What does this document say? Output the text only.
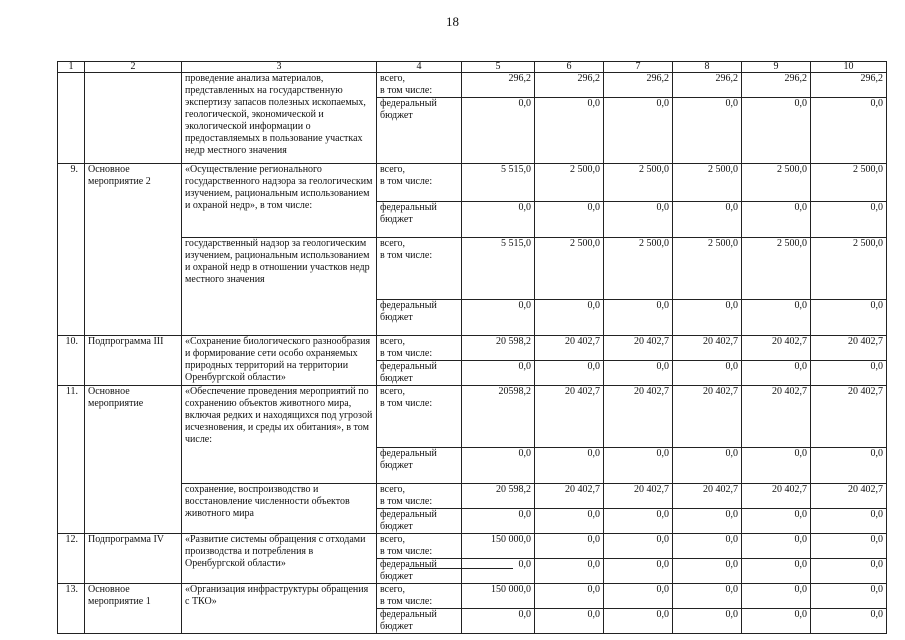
18
1	2	3	4	5	6	7	8	9	10
		проведение анализа материалов, представленных на государственную экспертизу запасов полезных ископаемых, геологической, экономической и экологической информации о предоставляемых в пользование участках недр местного значения	всего,
в том числе:	296,2	296,2	296,2	296,2	296,2	296,2
			федеральный
бюджет	0,0	0,0	0,0	0,0	0,0	0,0
9.	Основное мероприятие 2	«Осуществление регионального государственного надзора за геологическим изучением, рациональным использованием и охраной недр», в том числе:	всего,
в том числе:	5 515,0	2 500,0	2 500,0	2 500,0	2 500,0	2 500,0
			федеральный
бюджет	0,0	0,0	0,0	0,0	0,0	0,0
		государственный надзор за геологическим изучением, рациональным использованием и охраной недр в отношении участков недр местного значения	всего,
в том числе:	5 515,0	2 500,0	2 500,0	2 500,0	2 500,0	2 500,0
			федеральный
бюджет	0,0	0,0	0,0	0,0	0,0	0,0
10.	Подпрограмма III	«Сохранение биологического разнообразия и формирование сети особо охраняемых природных территорий на территории Оренбургской области»	всего,
в том числе:	20 598,2	20 402,7	20 402,7	20 402,7	20 402,7	20 402,7
			федеральный
бюджет	0,0	0,0	0,0	0,0	0,0	0,0
11.	Основное мероприятие	«Обеспечение проведения мероприятий по сохранению объектов животного мира, включая редких и находящихся под угрозой исчезновения, и среды их обитания», в том числе:	всего,
в том числе:	20598,2	20 402,7	20 402,7	20 402,7	20 402,7	20 402,7
			федеральный
бюджет	0,0	0,0	0,0	0,0	0,0	0,0
		сохранение, воспроизводство и восстановление численности объектов животного мира	всего,
в том числе:	20 598,2	20 402,7	20 402,7	20 402,7	20 402,7	20 402,7
			федеральный
бюджет	0,0	0,0	0,0	0,0	0,0	0,0
12.	Подпрограмма IV	«Развитие системы обращения с отходами производства и потребления в Оренбургской области»	всего,
в том числе:	150 000,0	0,0	0,0	0,0	0,0	0,0
			федеральный
бюджет	0,0	0,0	0,0	0,0	0,0	0,0
13.	Основное мероприятие 1	«Организация инфраструктуры обращения с ТКО»	всего,
в том числе:	150 000,0	0,0	0,0	0,0	0,0	0,0
			федеральный
бюджет	0,0	0,0	0,0	0,0	0,0	0,0
